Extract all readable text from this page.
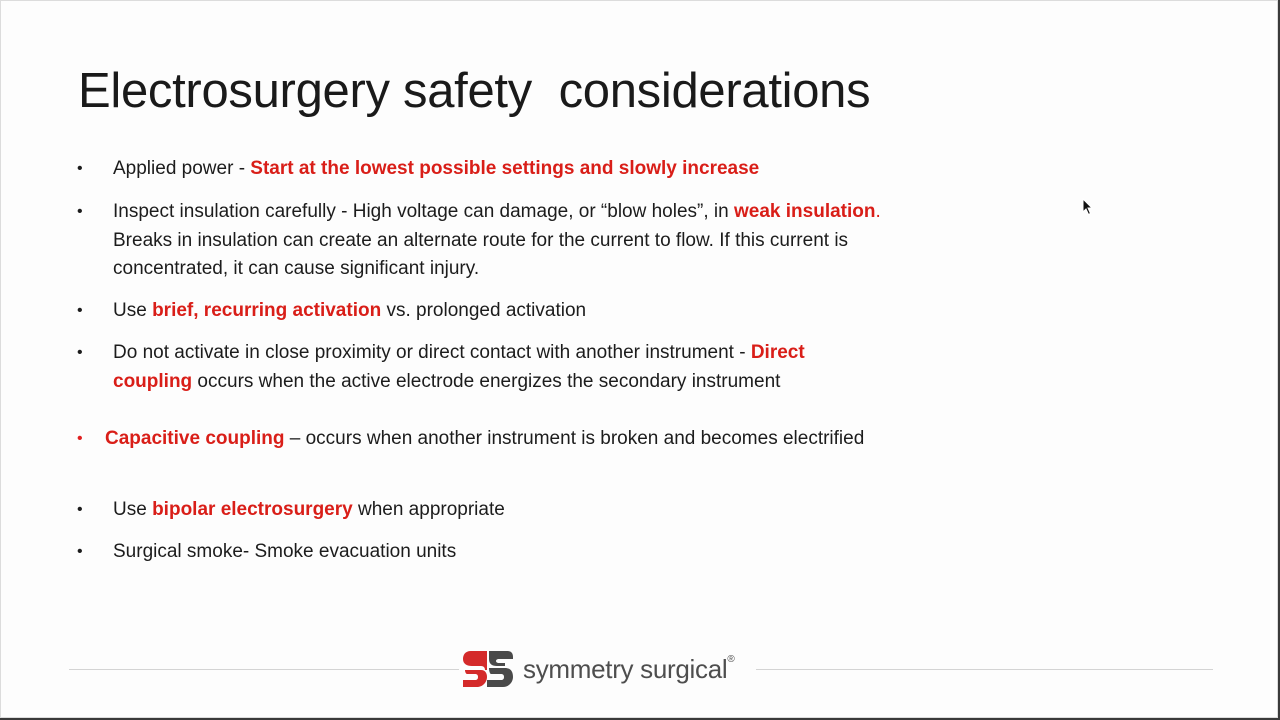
Electrosurgery safety  considerations
•	Applied power - Start at the lowest possible settings and slowly increase
•	Inspect insulation carefully - High voltage can damage, or “blow holes”, in weak insulation. Breaks in insulation can create an alternate route for the current to flow. If this current is concentrated, it can cause significant injury.
•	Use brief, recurring activation vs. prolonged activation
•	Do not activate in close proximity or direct contact with another instrument - Direct coupling occurs when the active electrode energizes the secondary instrument
•	Capacitive coupling – occurs when another instrument is broken and becomes electrified
•	Use bipolar electrosurgery when appropriate
•	Surgical smoke- Smoke evacuation units
symmetry surgical®
